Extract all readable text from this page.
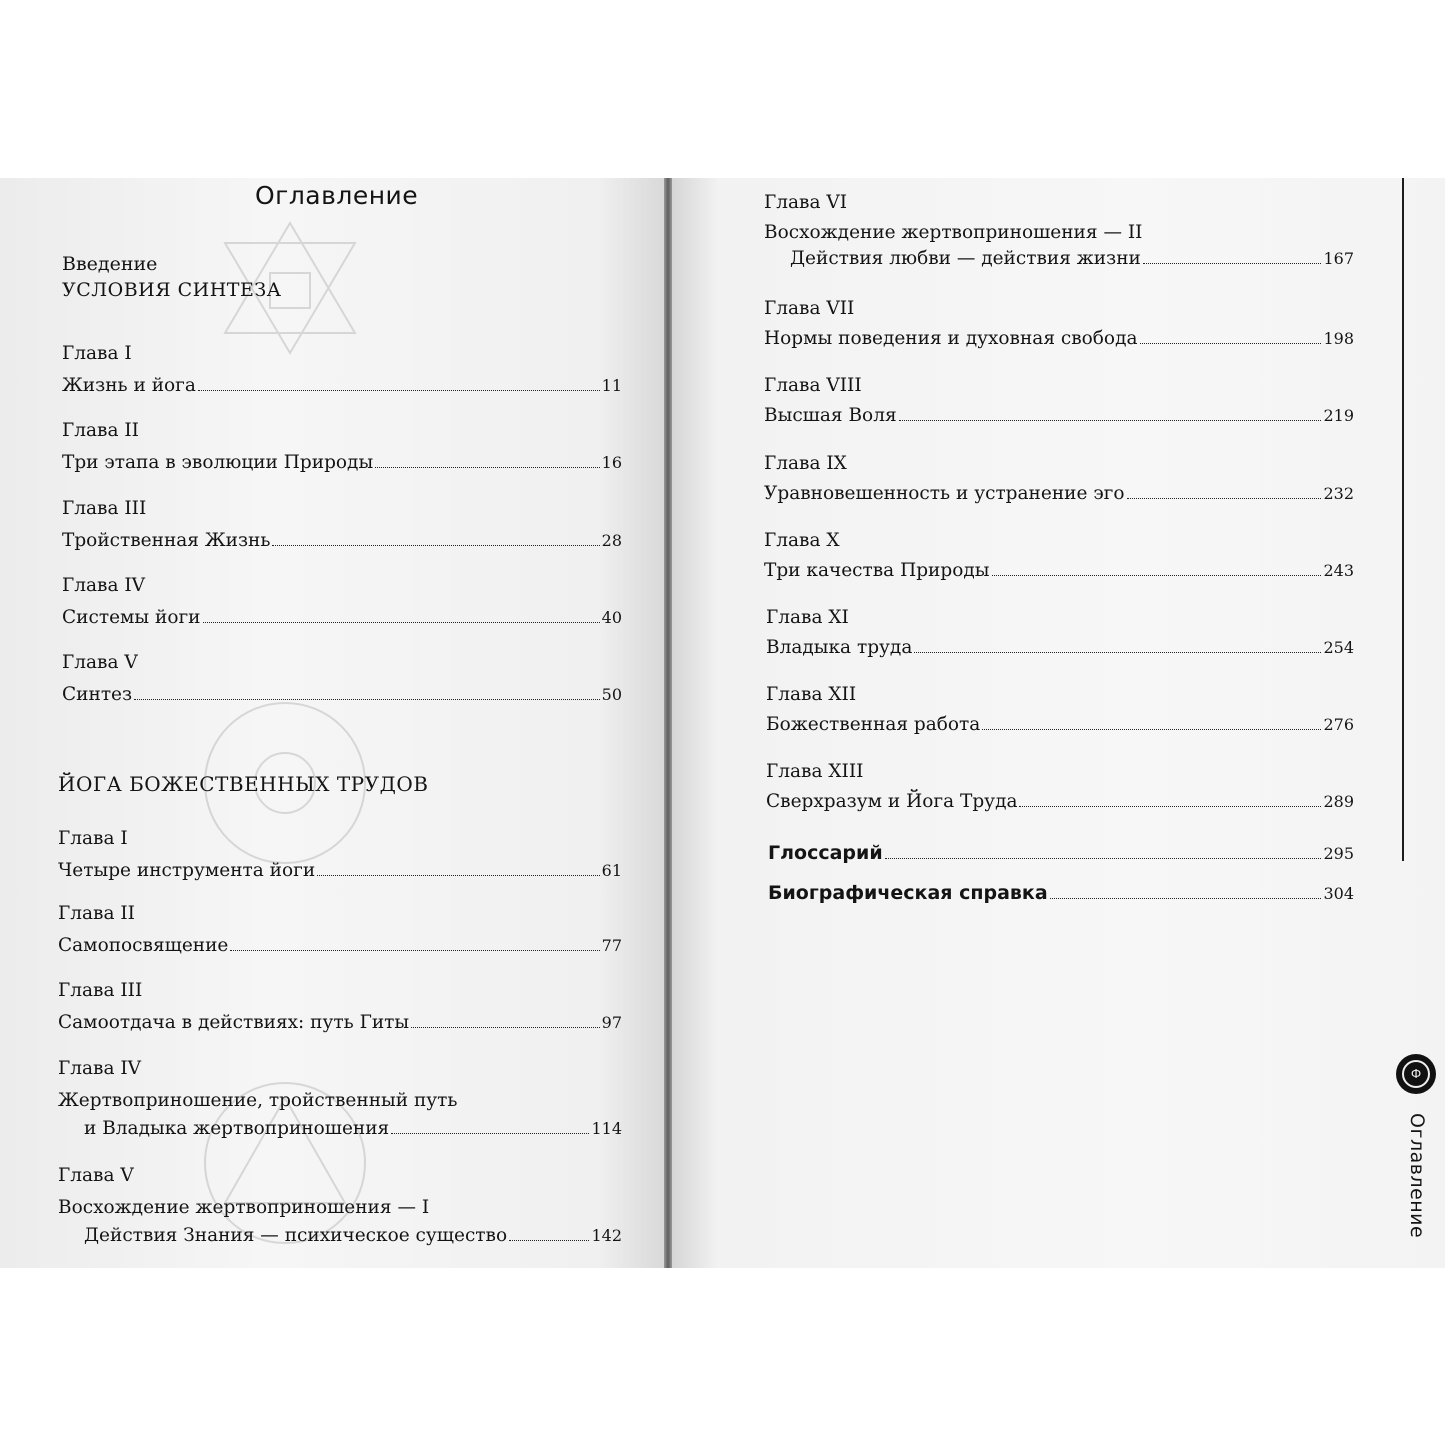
Оглавление
Введение
УСЛОВИЯ СИНТЕЗА
Глава I
Жизнь и йога	11
Глава II
Три этапа в эволюции Природы	16
Глава III
Тройственная Жизнь	28
Глава IV
Системы йоги	40
Глава V
Синтез	50
ЙОГА БОЖЕСТВЕННЫХ ТРУДОВ
Глава I
Четыре инструмента йоги	61
Глава II
Самопосвящение	77
Глава III
Самоотдача в действиях: путь Гиты	97
Глава IV
Жертвоприношение, тройственный путь
и Владыка жертвоприношения	114
Глава V
Восхождение жертвоприношения — I
Действия Знания — психическое существо	142
Глава VI
Восхождение жертвоприношения — II
Действия любви — действия жизни	167
Глава VII
Нормы поведения и духовная свобода	198
Глава VIII
Высшая Воля	219
Глава IX
Уравновешенность и устранение эго	232
Глава X
Три качества Природы	243
Глава XI
Владыка труда	254
Глава XII
Божественная работа	276
Глава XIII
Сверхразум и Йога Труда	289
Глоссарий	295
Биографическая справка	304
Ф
Оглавление
